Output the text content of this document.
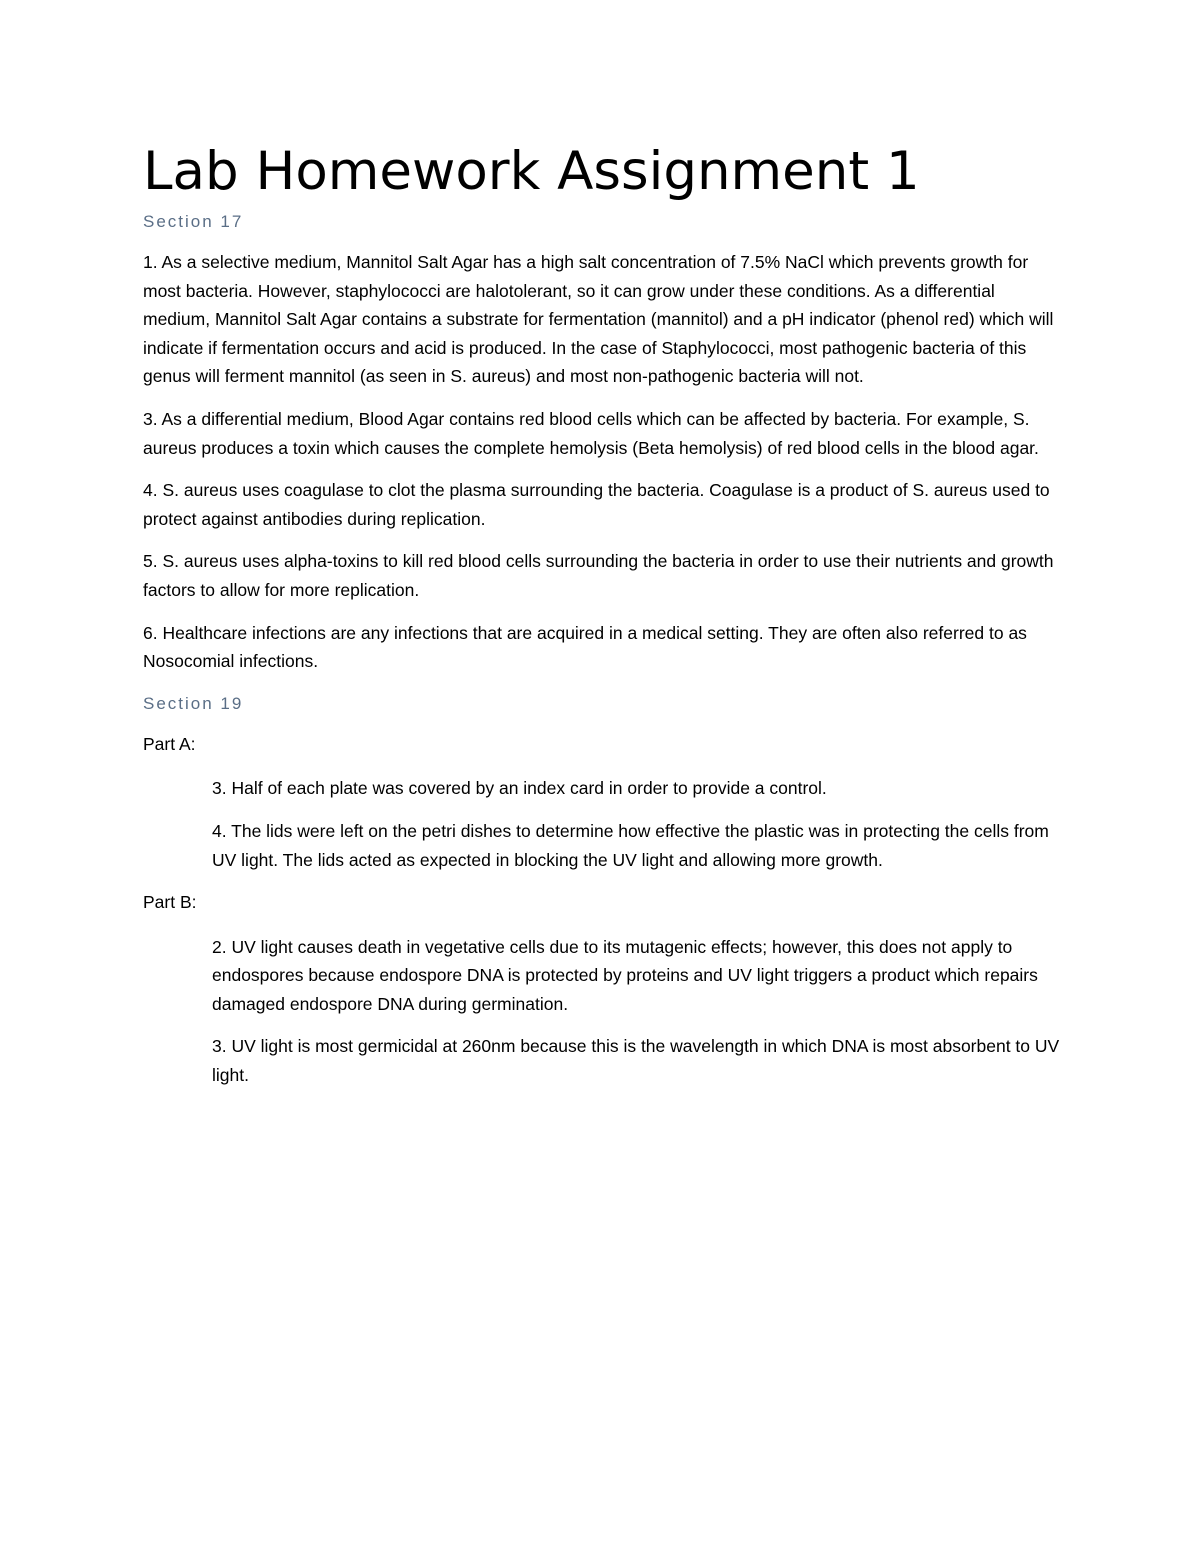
Lab Homework Assignment 1
Section 17

1. As a selective medium, Mannitol Salt Agar has a high salt concentration of 7.5% NaCl which prevents growth for most bacteria. However, staphylococci are halotolerant, so it can grow under these conditions. As a differential medium, Mannitol Salt Agar contains a substrate for fermentation (mannitol) and a pH indicator (phenol red) which will indicate if fermentation occurs and acid is produced. In the case of Staphylococci, most pathogenic bacteria of this genus will ferment mannitol (as seen in S. aureus) and most non-pathogenic bacteria will not.

3. As a differential medium, Blood Agar contains red blood cells which can be affected by bacteria. For example, S. aureus produces a toxin which causes the complete hemolysis (Beta hemolysis) of red blood cells in the blood agar.

4. S. aureus uses coagulase to clot the plasma surrounding the bacteria. Coagulase is a product of S. aureus used to protect against antibodies during replication.

5. S. aureus uses alpha-toxins to kill red blood cells surrounding the bacteria in order to use their nutrients and growth factors to allow for more replication.

6. Healthcare infections are any infections that are acquired in a medical setting. They are often also referred to as Nosocomial infections.

Section 19

Part A:

3. Half of each plate was covered by an index card in order to provide a control.

4. The lids were left on the petri dishes to determine how effective the plastic was in protecting the cells from UV light. The lids acted as expected in blocking the UV light and allowing more growth.

Part B:

2. UV light causes death in vegetative cells due to its mutagenic effects; however, this does not apply to endospores because endospore DNA is protected by proteins and UV light triggers a product which repairs damaged endospore DNA during germination.

3. UV light is most germicidal at 260nm because this is the wavelength in which DNA is most absorbent to UV light.
